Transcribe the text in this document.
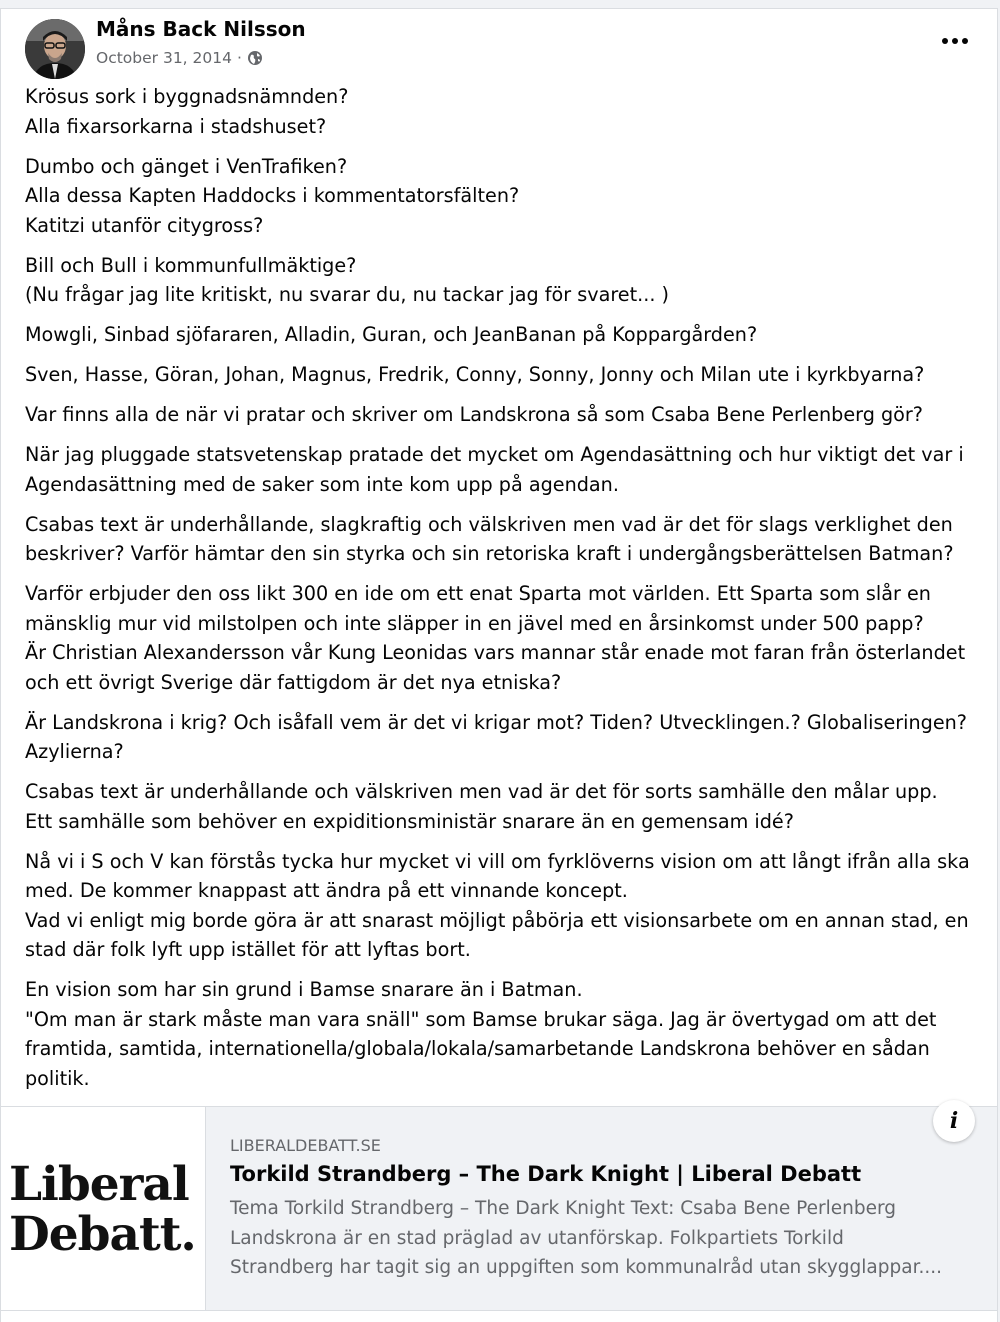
Måns Back Nilsson
October 31, 2014 ·

Krösus sork i byggnadsnämnden?
Alla fixarsorkarna i stadshuset?

Dumbo och gänget i VenTrafiken?
Alla dessa Kapten Haddocks i kommentatorsfälten?
Katitzi utanför citygross?

Bill och Bull i kommunfullmäktige?
(Nu frågar jag lite kritiskt, nu svarar du, nu tackar jag för svaret... )

Mowgli, Sinbad sjöfararen, Alladin, Guran, och JeanBanan på Koppargården?

Sven, Hasse, Göran, Johan, Magnus, Fredrik, Conny, Sonny, Jonny och Milan ute i kyrkbyarna?

Var finns alla de när vi pratar och skriver om Landskrona så som Csaba Bene Perlenberg gör?

När jag pluggade statsvetenskap pratade det mycket om Agendasättning och hur viktigt det var i
Agendasättning med de saker som inte kom upp på agendan.

Csabas text är underhållande, slagkraftig och välskriven men vad är det för slags verklighet den
beskriver? Varför hämtar den sin styrka och sin retoriska kraft i undergångsberättelsen Batman?

Varför erbjuder den oss likt 300 en ide om ett enat Sparta mot världen. Ett Sparta som slår en
mänsklig mur vid milstolpen och inte släpper in en jävel med en årsinkomst under 500 papp?
Är Christian Alexandersson vår Kung Leonidas vars mannar står enade mot faran från österlandet
och ett övrigt Sverige där fattigdom är det nya etniska?

Är Landskrona i krig? Och isåfall vem är det vi krigar mot? Tiden? Utvecklingen.? Globaliseringen?
Azylierna?

Csabas text är underhållande och välskriven men vad är det för sorts samhälle den målar upp.
Ett samhälle som behöver en expiditionsministär snarare än en gemensam idé?

Nå vi i S och V kan förstås tycka hur mycket vi vill om fyrklöverns vision om att långt ifrån alla ska
med. De kommer knappast att ändra på ett vinnande koncept.
Vad vi enligt mig borde göra är att snarast möjligt påbörja ett visionsarbete om en annan stad, en
stad där folk lyft upp istället för att lyftas bort.

En vision som har sin grund i Bamse snarare än i Batman.
"Om man är stark måste man vara snäll" som Bamse brukar säga. Jag är övertygad om att det
framtida, samtida, internationella/globala/lokala/samarbetande Landskrona behöver en sådan
politik.

Liberal
Debatt.
LIBERALDEBATT.SE
Torkild Strandberg – The Dark Knight | Liberal Debatt
Tema Torkild Strandberg – The Dark Knight Text: Csaba Bene Perlenberg
Landskrona är en stad präglad av utanförskap. Folkpartiets Torkild
Strandberg har tagit sig an uppgiften som kommunalråd utan skygglappar....
i
